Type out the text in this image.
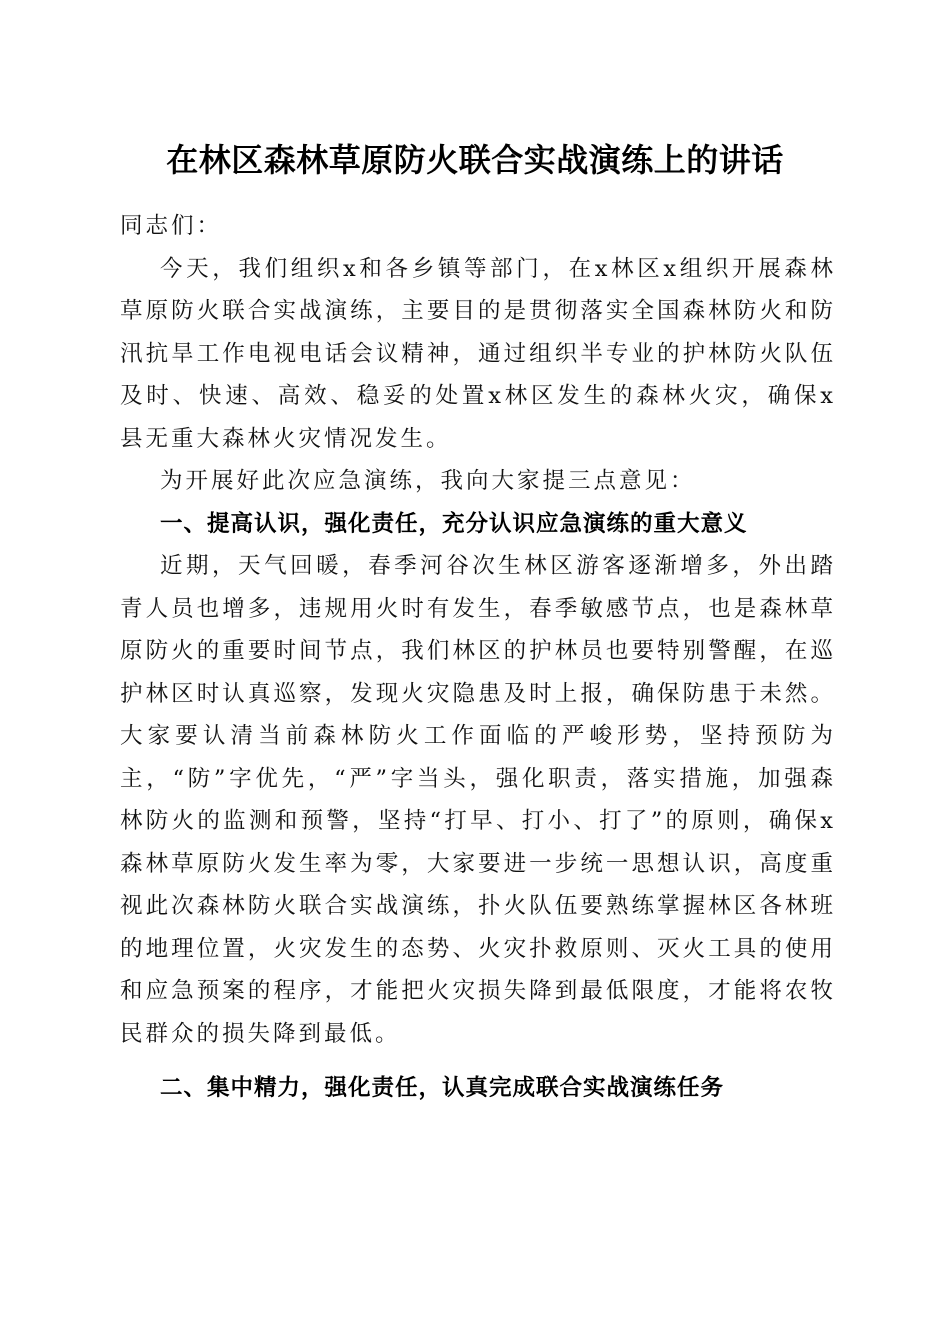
在林区森林草原防火联合实战演练上的讲话

同志们：

今天，我们组织x和各乡镇等部门，在x林区x组织开展森林草原防火联合实战演练，主要目的是贯彻落实全国森林防火和防汛抗旱工作电视电话会议精神，通过组织半专业的护林防火队伍及时、快速、高效、稳妥的处置x林区发生的森林火灾，确保x县无重大森林火灾情况发生。

为开展好此次应急演练，我向大家提三点意见：

一、提高认识，强化责任，充分认识应急演练的重大意义

近期，天气回暖，春季河谷次生林区游客逐渐增多，外出踏青人员也增多，违规用火时有发生，春季敏感节点，也是森林草原防火的重要时间节点，我们林区的护林员也要特别警醒，在巡护林区时认真巡察，发现火灾隐患及时上报，确保防患于未然。大家要认清当前森林防火工作面临的严峻形势，坚持预防为主，“防”字优先，“严”字当头，强化职责，落实措施，加强森林防火的监测和预警，坚持“打早、打小、打了”的原则，确保x森林草原防火发生率为零，大家要进一步统一思想认识，高度重视此次森林防火联合实战演练，扑火队伍要熟练掌握林区各林班的地理位置，火灾发生的态势、火灾扑救原则、灭火工具的使用和应急预案的程序，才能把火灾损失降到最低限度，才能将农牧民群众的损失降到最低。

二、集中精力，强化责任，认真完成联合实战演练任务
